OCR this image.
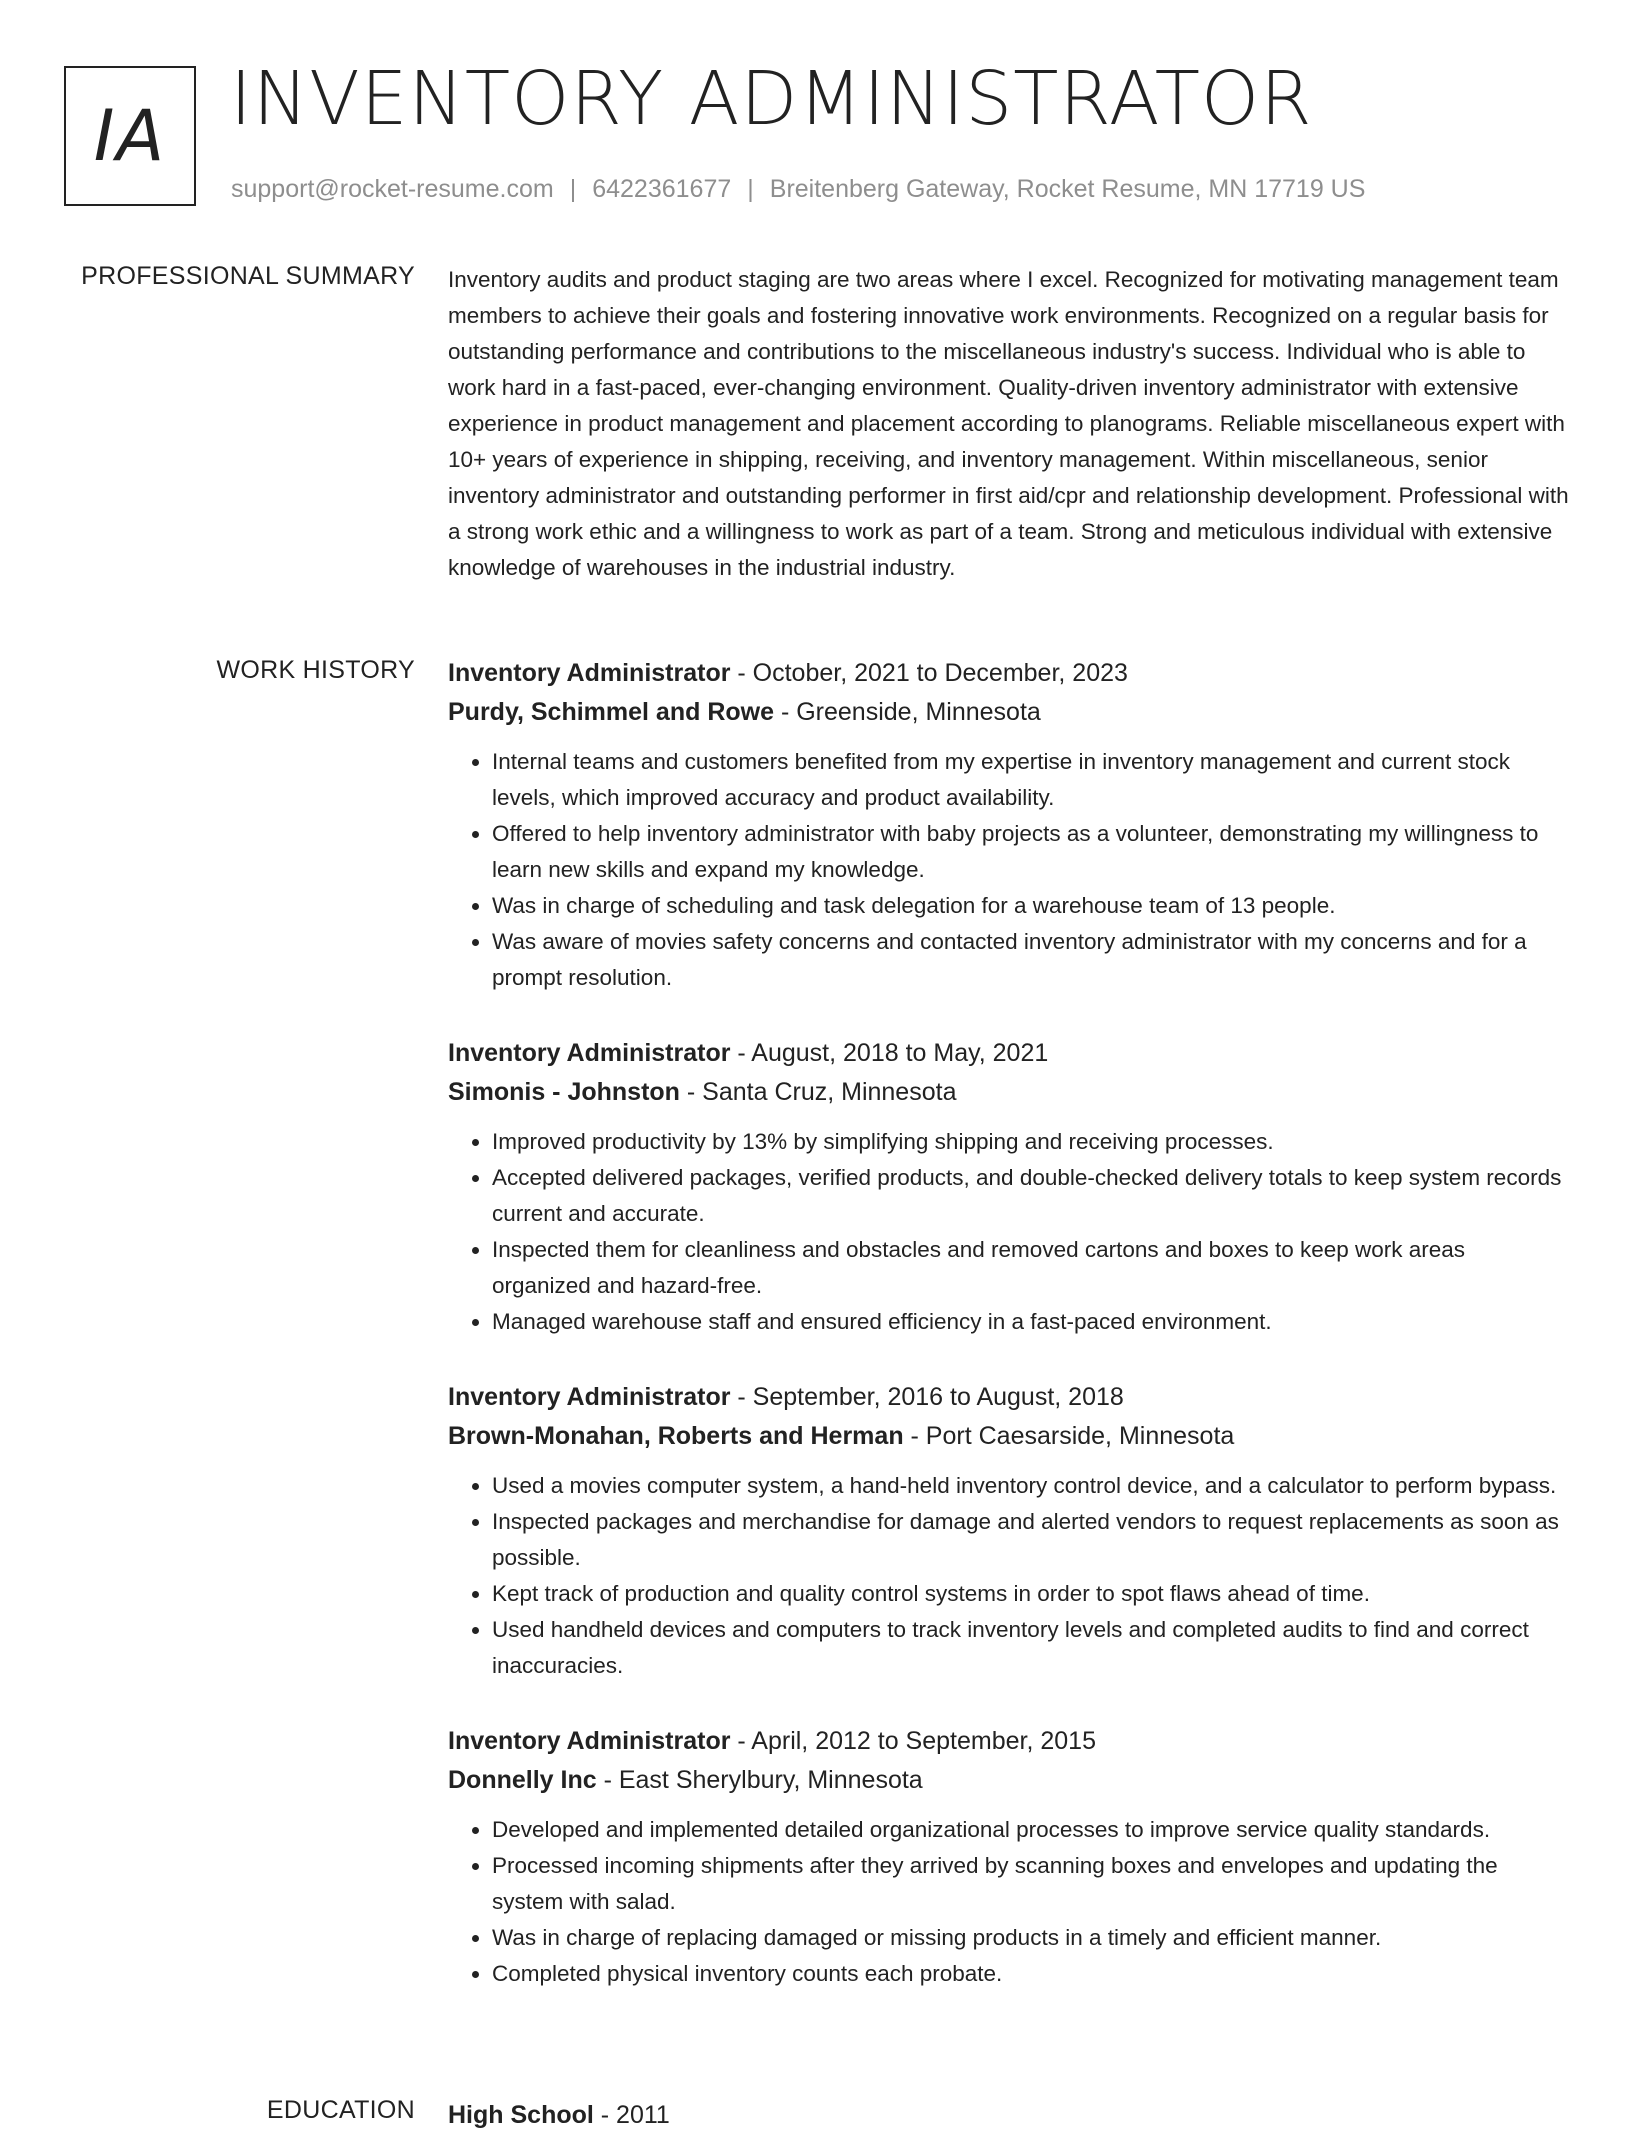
IA INVENTORY ADMINISTRATOR
support@rocket-resume.com | 6422361677 | Breitenberg Gateway, Rocket Resume, MN 17719 US
PROFESSIONAL SUMMARY Inventory audits and product staging are two areas where I excel. Recognized for motivating management team members to achieve their goals and fostering innovative work environments. Recognized on a regular basis for outstanding performance and contributions to the miscellaneous industry's success. Individual who is able to work hard in a fast-paced, ever-changing environment. Quality-driven inventory administrator with extensive experience in product management and placement according to planograms. Reliable miscellaneous expert with 10+ years of experience in shipping, receiving, and inventory management. Within miscellaneous, senior inventory administrator and outstanding performer in first aid/cpr and relationship development. Professional with a strong work ethic and a willingness to work as part of a team. Strong and meticulous individual with extensive knowledge of warehouses in the industrial industry.

WORK HISTORY Inventory Administrator - October, 2021 to December, 2023
Purdy, Schimmel and Rowe - Greenside, Minnesota
• Internal teams and customers benefited from my expertise in inventory management and current stock levels, which improved accuracy and product availability.
• Offered to help inventory administrator with baby projects as a volunteer, demonstrating my willingness to learn new skills and expand my knowledge.
• Was in charge of scheduling and task delegation for a warehouse team of 13 people.
• Was aware of movies safety concerns and contacted inventory administrator with my concerns and for a prompt resolution.
Inventory Administrator - August, 2018 to May, 2021
Simonis - Johnston - Santa Cruz, Minnesota
• Improved productivity by 13% by simplifying shipping and receiving processes.
• Accepted delivered packages, verified products, and double-checked delivery totals to keep system records current and accurate.
• Inspected them for cleanliness and obstacles and removed cartons and boxes to keep work areas organized and hazard-free.
• Managed warehouse staff and ensured efficiency in a fast-paced environment.
Inventory Administrator - September, 2016 to August, 2018
Brown-Monahan, Roberts and Herman - Port Caesarside, Minnesota
• Used a movies computer system, a hand-held inventory control device, and a calculator to perform bypass.
• Inspected packages and merchandise for damage and alerted vendors to request replacements as soon as possible.
• Kept track of production and quality control systems in order to spot flaws ahead of time.
• Used handheld devices and computers to track inventory levels and completed audits to find and correct inaccuracies.
Inventory Administrator - April, 2012 to September, 2015
Donnelly Inc - East Sherylbury, Minnesota
• Developed and implemented detailed organizational processes to improve service quality standards.
• Processed incoming shipments after they arrived by scanning boxes and envelopes and updating the system with salad.
• Was in charge of replacing damaged or missing products in a timely and efficient manner.
• Completed physical inventory counts each probate.
EDUCATION High School - 2011
